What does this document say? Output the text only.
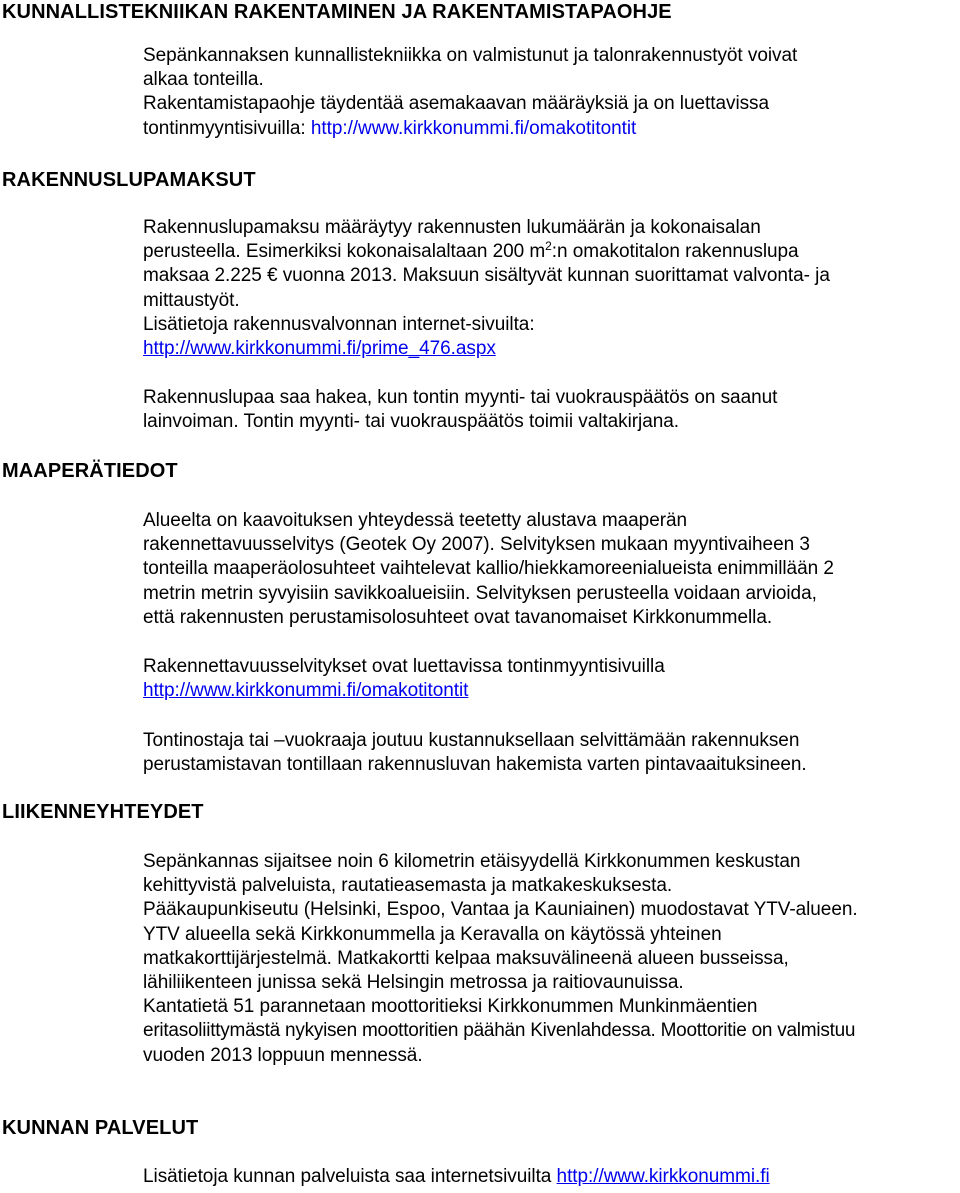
KUNNALLISTEKNIIKAN RAKENTAMINEN JA RAKENTAMISTAPAOHJE

Sepänkannaksen kunnallistekniikka on valmistunut ja talonrakennustyöt voivat

alkaa tonteilla.

Rakentamistapaohje täydentää asemakaavan määräyksiä ja on luettavissa

tontinmyyntisivuilla: http://www.kirkkonummi.fi/omakotitontit

RAKENNUSLUPAMAKSUT

Rakennuslupamaksu määräytyy rakennusten lukumäärän ja kokonaisalan

perusteella. Esimerkiksi kokonaisalaltaan 200 $m^2:n$ omakotitalon rakennuslupa

maksaa 2.225 € vuonna 2013. Maksuun sisältyvät kunnan suorittamat valvonta- ja

mittaustyöt.

Lisätietoja rakennusvalvonnan internet-sivuilta:

http://www.kirkkonummi.fi/prime_476.aspx

Rakennuslupaa saa hakea, kun tontin myynti- tai vuokrauspäätös on saanut

lainvoiman. Tontin myynti- tai vuokrauspäätös toimii valtakirjana.

MAAPERÄTIEDOT

Alueelta on kaavoituksen yhteydessä teetetty alustava maaperän

rakennettavuusselvitys (Geotek Oy 2007). Selvityksen mukaan myyntivaiheen 3

tonteilla maaperäolosuhteet vaihtelevat kallio/hiekkamoreenialueista enimmillään 2

metrin metrin syvyisiin savikkoalueisiin. Selvityksen perusteella voidaan arvioida,

että rakennusten perustamisolosuhteet ovat tavanomaiset Kirkkonummella.

Rakennettavuusselvitykset ovat luettavissa tontinmyyntisivuilla

http://www.kirkkonummi.fi/omakotitontit

Tontinostaja tai –vuokraaja joutuu kustannuksellaan selvittämään rakennuksen

perustamistavan tontillaan rakennusluvan hakemista varten pintavaaituksineen.

LIIKENNEYHTEYDET

Sepänkannas sijaitsee noin 6 kilometrin etäisyydellä Kirkkonummen keskustan

kehittyvistä palveluista, rautatieasemasta ja matkakeskuksesta.

Pääkaupunkiseutu (Helsinki, Espoo, Vantaa ja Kauniainen) muodostavat YTV-alueen.

YTV alueella sekä Kirkkonummella ja Keravalla on käytössä yhteinen

matkakorttijärjestelmä. Matkakortti kelpaa maksuvälineenä alueen busseissa,

lähiliikenteen junissa sekä Helsingin metrossa ja raitiovaunuissa.

Kantatietä 51 parannetaan moottoritieksi Kirkkonummen Munkinmäentien

eritasoliittymästä nykyisen moottoritien päähän Kivenlahdessa. Moottoritie on valmistuu

vuoden 2013 loppuun mennessä.

KUNNAN PALVELUT

Lisätietoja kunnan palveluista saa internetsivuilta http://www.kirkkonummi.fi
